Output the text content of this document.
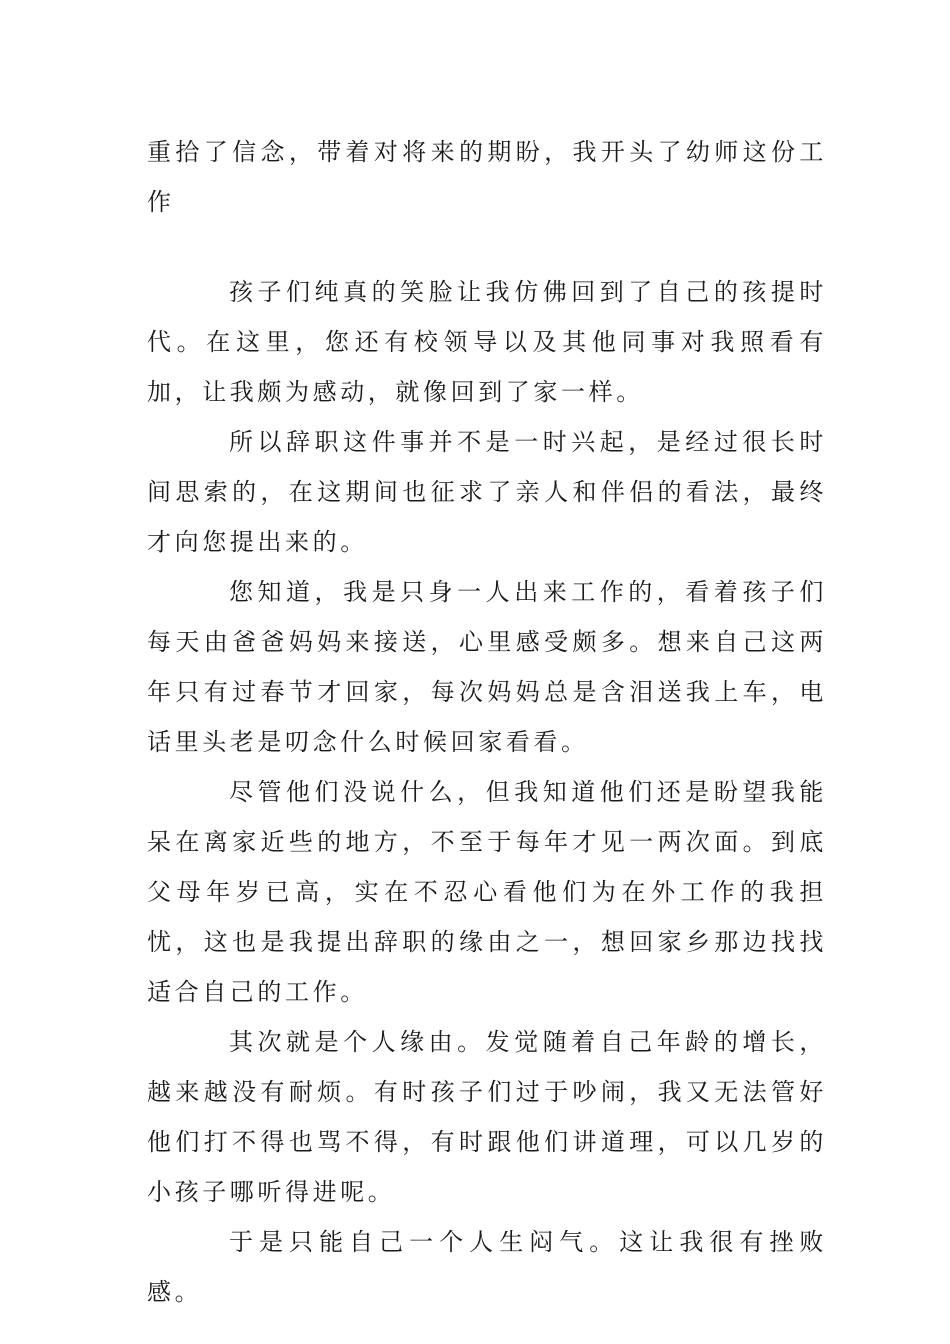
重拾了信念，带着对将来的期盼，我开头了幼师这份工作

孩子们纯真的笑脸让我仿佛回到了自己的孩提时代。在这里，您还有校领导以及其他同事对我照看有加，让我颇为感动，就像回到了家一样。

所以辞职这件事并不是一时兴起，是经过很长时间思索的，在这期间也征求了亲人和伴侣的看法，最终才向您提出来的。

您知道，我是只身一人出来工作的，看着孩子们每天由爸爸妈妈来接送，心里感受颇多。想来自己这两年只有过春节才回家，每次妈妈总是含泪送我上车，电话里头老是叨念什么时候回家看看。

尽管他们没说什么，但我知道他们还是盼望我能呆在离家近些的地方，不至于每年才见一两次面。到底父母年岁已高，实在不忍心看他们为在外工作的我担忧，这也是我提出辞职的缘由之一，想回家乡那边找找适合自己的工作。

其次就是个人缘由。发觉随着自己年龄的增长，越来越没有耐烦。有时孩子们过于吵闹，我又无法管好他们打不得也骂不得，有时跟他们讲道理，可以几岁的小孩子哪听得进呢。

于是只能自己一个人生闷气。这让我很有挫败感。
